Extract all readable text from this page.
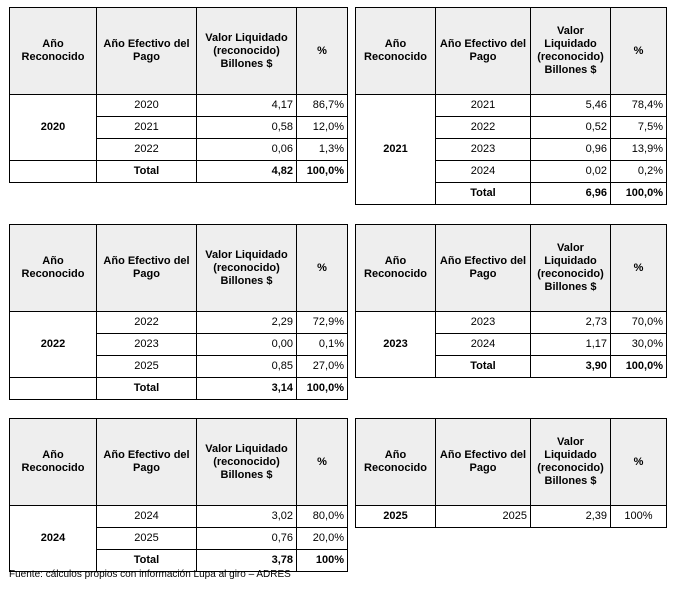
Año Reconocido	Año Efectivo del Pago	Valor Liquidado (reconocido) Billones $	%
2020	2020	4,17	86,7%
	2021	0,58	12,0%
	2022	0,06	1,3%
	Total	4,82	100,0%
Año Reconocido	Año Efectivo del Pago	Valor Liquidado (reconocido) Billones $	%
2021	2021	5,46	78,4%
	2022	0,52	7,5%
	2023	0,96	13,9%
	2024	0,02	0,2%
	Total	6,96	100,0%
Año Reconocido	Año Efectivo del Pago	Valor Liquidado (reconocido) Billones $	%
2022	2022	2,29	72,9%
	2023	0,00	0,1%
	2025	0,85	27,0%
	Total	3,14	100,0%
Año Reconocido	Año Efectivo del Pago	Valor Liquidado (reconocido) Billones $	%
2023	2023	2,73	70,0%
	2024	1,17	30,0%
	Total	3,90	100,0%
Año Reconocido	Año Efectivo del Pago	Valor Liquidado (reconocido) Billones $	%
2024	2024	3,02	80,0%
	2025	0,76	20,0%
	Total	3,78	100%
Año Reconocido	Año Efectivo del Pago	Valor Liquidado (reconocido) Billones $	%
2025	2025	2,39	100%
Fuente: cálculos propios con información Lupa al giro – ADRES
